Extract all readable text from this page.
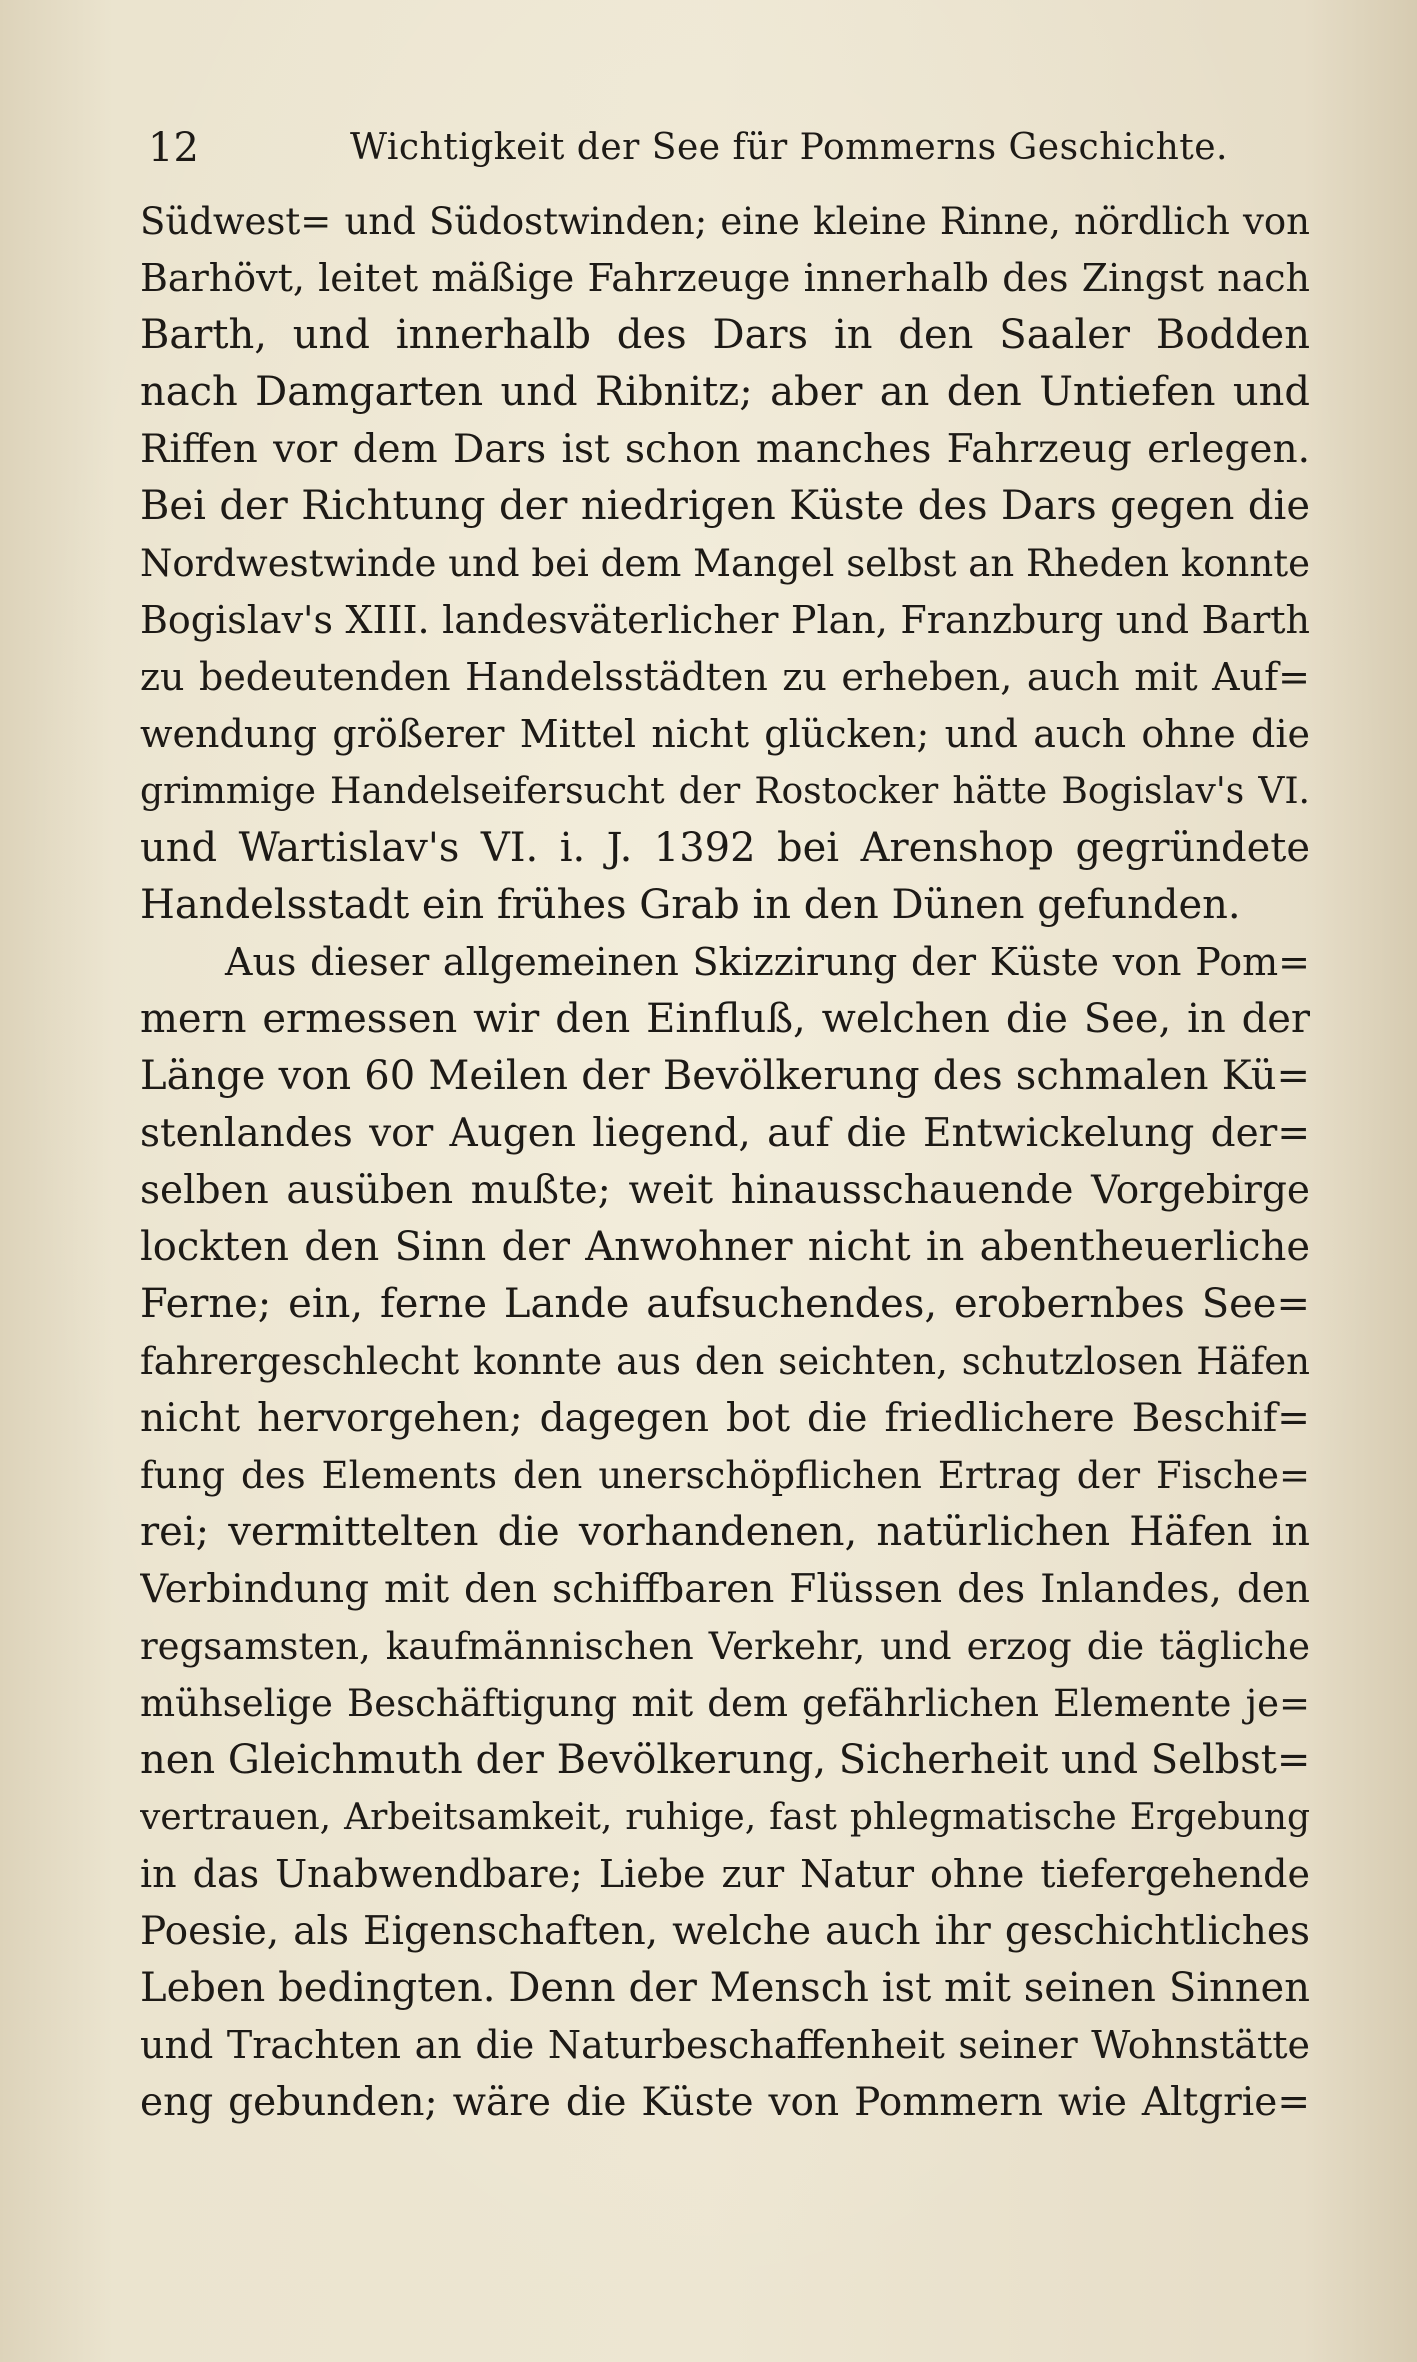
12	Wichtigkeit der See für Pommerns Geschichte.
Südwest= und Südostwinden; eine kleine Rinne, nördlich von
Barhövt, leitet mäßige Fahrzeuge innerhalb des Zingst nach
Barth, und innerhalb des Dars in den Saaler Bodden
nach Damgarten und Ribnitz; aber an den Untiefen und
Riffen vor dem Dars ist schon manches Fahrzeug erlegen.
Bei der Richtung der niedrigen Küste des Dars gegen die
Nordwestwinde und bei dem Mangel selbst an Rheden konnte
Bogislav's XIII. landesväterlicher Plan, Franzburg und Barth
zu bedeutenden Handelsstädten zu erheben, auch mit Auf=
wendung größerer Mittel nicht glücken; und auch ohne die
grimmige Handelseifersucht der Rostocker hätte Bogislav's VI.
und Wartislav's VI. i. J. 1392 bei Arenshop gegründete
Handelsstadt ein frühes Grab in den Dünen gefunden.
Aus dieser allgemeinen Skizzirung der Küste von Pom=
mern ermessen wir den Einfluß, welchen die See, in der
Länge von 60 Meilen der Bevölkerung des schmalen Kü=
stenlandes vor Augen liegend, auf die Entwickelung der=
selben ausüben mußte; weit hinausschauende Vorgebirge
lockten den Sinn der Anwohner nicht in abentheuerliche
Ferne; ein, ferne Lande aufsuchendes, erobernbes See=
fahrergeschlecht konnte aus den seichten, schutzlosen Häfen
nicht hervorgehen; dagegen bot die friedlichere Beschif=
fung des Elements den unerschöpflichen Ertrag der Fische=
rei; vermittelten die vorhandenen, natürlichen Häfen in
Verbindung mit den schiffbaren Flüssen des Inlandes, den
regsamsten, kaufmännischen Verkehr, und erzog die tägliche
mühselige Beschäftigung mit dem gefährlichen Elemente je=
nen Gleichmuth der Bevölkerung, Sicherheit und Selbst=
vertrauen, Arbeitsamkeit, ruhige, fast phlegmatische Ergebung
in das Unabwendbare; Liebe zur Natur ohne tiefergehende
Poesie, als Eigenschaften, welche auch ihr geschichtliches
Leben bedingten. Denn der Mensch ist mit seinen Sinnen
und Trachten an die Naturbeschaffenheit seiner Wohnstätte
eng gebunden; wäre die Küste von Pommern wie Altgrie=
